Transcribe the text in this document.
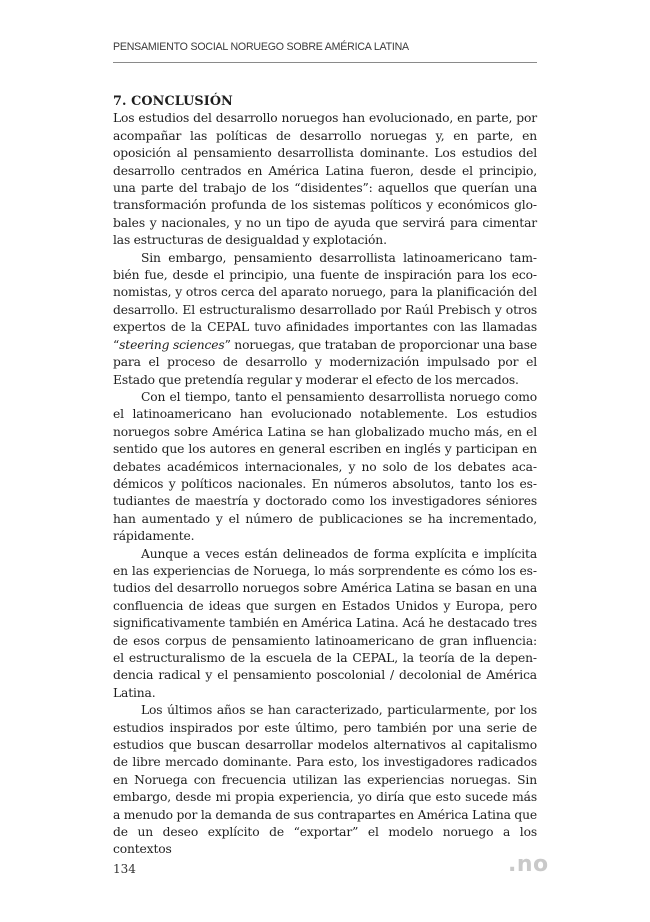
PENSAMIENTO SOCIAL NORUEGO SOBRE AMÉRICA LATINA
7. CONCLUSIÓN

Los estudios del desarrollo noruegos han evolucionado, en parte, por acompañar las políticas de desarrollo noruegas y, en parte, en oposición al pensamiento desarrollista dominante. Los estudios del desarrollo centrados en América Latina fueron, desde el principio, una parte del trabajo de los “disidentes”: aquellos que querían una transformación profunda de los sistemas políticos y económicos globales y nacionales, y no un tipo de ayuda que servirá para cimentar las estructuras de desigualdad y explotación.

Sin embargo, pensamiento desarrollista latinoamericano también fue, desde el principio, una fuente de inspiración para los economistas, y otros cerca del aparato noruego, para la planificación del desarrollo. El estructuralismo desarrollado por Raúl Prebisch y otros expertos de la CEPAL tuvo afinidades importantes con las llamadas “steering sciences” noruegas, que trataban de proporcionar una base para el proceso de desarrollo y modernización impulsado por el Estado que pretendía regular y moderar el efecto de los mercados.

Con el tiempo, tanto el pensamiento desarrollista noruego como el latinoamericano han evolucionado notablemente. Los estudios noruegos sobre América Latina se han globalizado mucho más, en el sentido que los autores en general escriben en inglés y participan en debates académicos internacionales, y no solo de los debates académicos y políticos nacionales. En números absolutos, tanto los estudiantes de maestría y doctorado como los investigadores séniores han aumentado y el número de publicaciones se ha incrementado, rápidamente.

Aunque a veces están delineados de forma explícita e implícita en las experiencias de Noruega, lo más sorprendente es cómo los estudios del desarrollo noruegos sobre América Latina se basan en una confluencia de ideas que surgen en Estados Unidos y Europa, pero significativamente también en América Latina. Acá he destacado tres de esos corpus de pensamiento latinoamericano de gran influencia: el estructuralismo de la escuela de la CEPAL, la teoría de la dependencia radical y el pensamiento poscolonial / decolonial de América Latina.

Los últimos años se han caracterizado, particularmente, por los estudios inspirados por este último, pero también por una serie de estudios que buscan desarrollar modelos alternativos al capitalismo de libre mercado dominante. Para esto, los investigadores radicados en Noruega con frecuencia utilizan las experiencias noruegas. Sin embargo, desde mi propia experiencia, yo diría que esto sucede más a menudo por la demanda de sus contrapartes en América Latina que de un deseo explícito de “exportar” el modelo noruego a los contextos

134	.no
